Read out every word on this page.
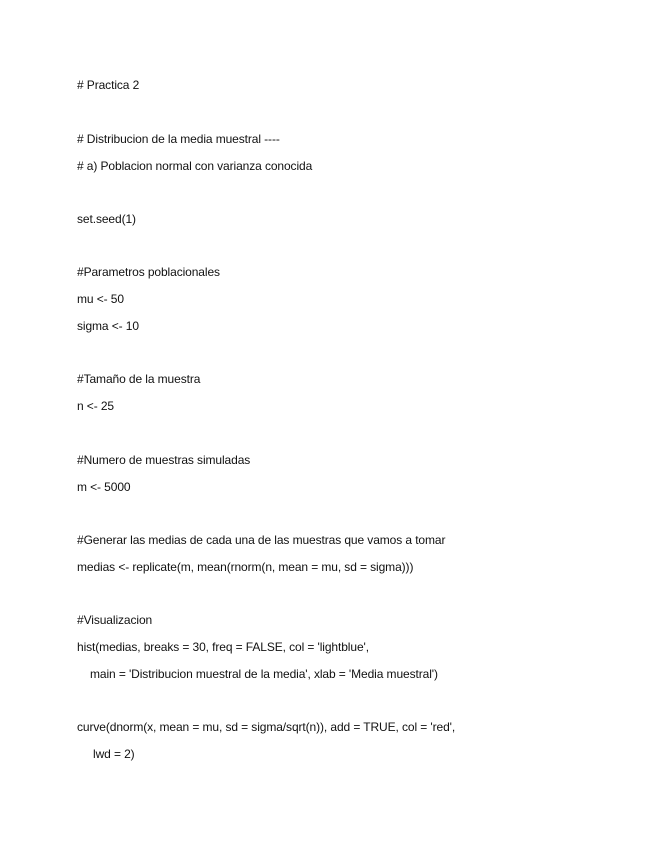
# Practica 2
# Distribucion de la media muestral ----
# a) Poblacion normal con varianza conocida
set.seed(1)
#Parametros poblacionales
mu <- 50
sigma <- 10
#Tamaño de la muestra
n <- 25
#Numero de muestras simuladas
m <- 5000
#Generar las medias de cada una de las muestras que vamos a tomar
medias <- replicate(m, mean(rnorm(n, mean = mu, sd = sigma)))
#Visualizacion
hist(medias, breaks = 30, freq = FALSE, col = 'lightblue',
main = 'Distribucion muestral de la media', xlab = 'Media muestral')
curve(dnorm(x, mean = mu, sd = sigma/sqrt(n)), add = TRUE, col = 'red',
lwd = 2)
